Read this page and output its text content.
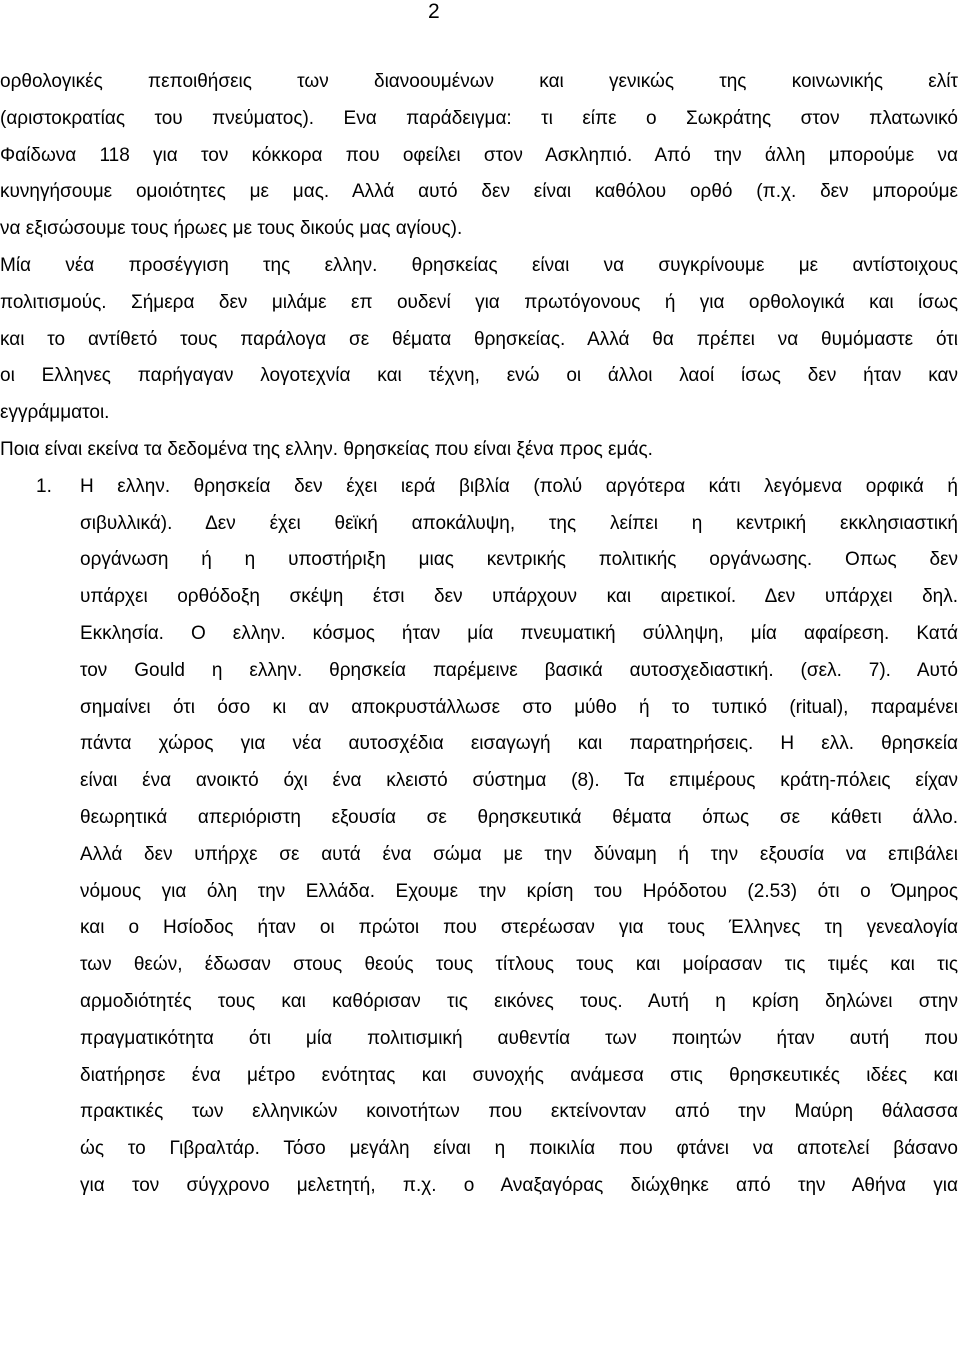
2
ορθολογικές πεποιθήσεις των διανοουμένων και γενικώς της κοινωνικής ελίτ
(αριστοκρατίας του πνεύματος). Ενα παράδειγμα: τι είπε ο Σωκράτης στον πλατωνικό
Φαίδωνα 118 για τον κόκκορα που οφείλει στον Ασκληπιό. Από την άλλη μπορούμε να
κυνηγήσουμε ομοιότητες με μας. Αλλά αυτό δεν είναι καθόλου ορθό (π.χ. δεν μπορούμε
να εξισώσουμε τους ήρωες με τους δικούς μας αγίους).
Μία νέα προσέγγιση της ελλην. θρησκείας είναι να συγκρίνουμε με αντίστοιχους
πολιτισμούς. Σήμερα δεν μιλάμε επ ουδενί για πρωτόγονους ή για ορθολογικά και ίσως
και το αντίθετό τους παράλογα σε θέματα θρησκείας. Αλλά θα πρέπει να θυμόμαστε ότι
οι Ελληνες παρήγαγαν λογοτεχνία και τέχνη, ενώ οι άλλοι λαοί ίσως δεν ήταν καν
εγγράμματοι.
Ποια είναι εκείνα τα δεδομένα της ελλην. θρησκείας που είναι ξένα προς εμάς.
1. Η ελλην. θρησκεία δεν έχει ιερά βιβλία (πολύ αργότερα κάτι λεγόμενα ορφικά ή
σιβυλλικά). Δεν έχει θεϊκή αποκάλυψη, της λείπει η κεντρική εκκλησιαστική
οργάνωση ή η υποστήριξη μιας κεντρικής πολιτικής οργάνωσης. Οπως δεν
υπάρχει ορθόδοξη σκέψη έτσι δεν υπάρχουν και αιρετικοί. Δεν υπάρχει δηλ.
Εκκλησία. Ο ελλην. κόσμος ήταν μία πνευματική σύλληψη, μία αφαίρεση. Κατά
τον Gould η ελλην. θρησκεία παρέμεινε βασικά αυτοσχεδιαστική. (σελ. 7). Αυτό
σημαίνει ότι όσο κι αν αποκρυστάλλωσε στο μύθο ή το τυπικό (ritual), παραμένει
πάντα χώρος για νέα αυτοσχέδια εισαγωγή και παρατηρήσεις. Η ελλ. θρησκεία
είναι ένα ανοικτό όχι ένα κλειστό σύστημα (8). Τα επιμέρους κράτη-πόλεις είχαν
θεωρητικά απεριόριστη εξουσία σε θρησκευτικά θέματα όπως σε κάθετι άλλο.
Αλλά δεν υπήρχε σε αυτά ένα σώμα με την δύναμη ή την εξουσία να επιβάλει
νόμους για όλη την Ελλάδα. Εχουμε την κρίση του Ηρόδοτου (2.53) ότι ο Όμηρος
και ο Ησίοδος ήταν οι πρώτοι που στερέωσαν για τους Έλληνες τη γενεαλογία
των θεών, έδωσαν στους θεούς τους τίτλους τους και μοίρασαν τις τιμές και τις
αρμοδιότητές τους και καθόρισαν τις εικόνες τους. Αυτή η κρίση δηλώνει στην
πραγματικότητα ότι μία πολιτισμική αυθεντία των ποιητών ήταν αυτή που
διατήρησε ένα μέτρο ενότητας και συνοχής ανάμεσα στις θρησκευτικές ιδέες και
πρακτικές των ελληνικών κοινοτήτων που εκτείνονταν από την Μαύρη θάλασσα
ώς το Γιβραλτάρ. Τόσο μεγάλη είναι η ποικιλία που φτάνει να αποτελεί βάσανο
για τον σύγχρονο μελετητή, π.χ. ο Αναξαγόρας διώχθηκε από την Αθήνα για
